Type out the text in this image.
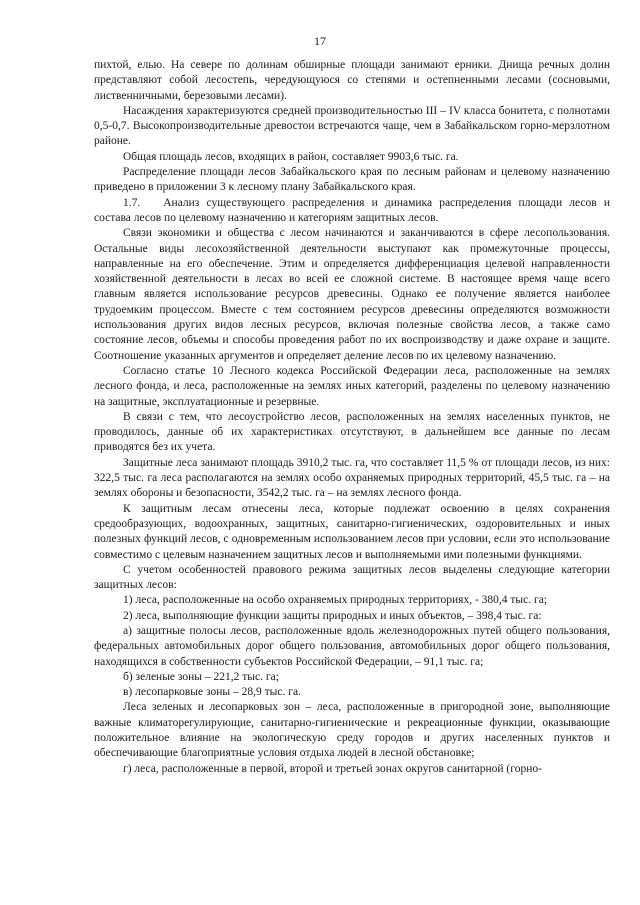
17

пихтой, елью. На севере по долинам обширные площади занимают ерники. Днища речных долин представляют собой лесостепь, чередующуюся со степями и остепненными лесами (сосновыми, лиственничными, березовыми лесами).

Насаждения характеризуются средней производительностью III – IV класса бонитета, с полнотами 0,5-0,7. Высокопроизводительные древостои встречаются чаще, чем в Забайкальском горно-мерзлотном районе.

Общая площадь лесов, входящих в район, составляет 9903,6 тыс. га.

Распределение площади лесов Забайкальского края по лесным районам и целевому назначению приведено в приложении 3 к лесному плану Забайкальского края.

1.7.  Анализ существующего распределения и динамика распределения площади лесов и состава лесов по целевому назначению и категориям защитных лесов.

Связи экономики и общества с лесом начинаются и заканчиваются в сфере лесопользования. Остальные виды лесохозяйственной деятельности выступают как промежуточные процессы, направленные на его обеспечение. Этим и определяется дифференциация целевой направленности хозяйственной деятельности в лесах во всей ее сложной системе. В настоящее время чаще всего главным является использование ресурсов древесины. Однако ее получение является наиболее трудоемким процессом. Вместе с тем состоянием ресурсов древесины определяются возможности использования других видов лесных ресурсов, включая полезные свойства лесов, а также само состояние лесов, объемы и способы проведения работ по их воспроизводству и даже охране и защите. Соотношение указанных аргументов и определяет деление лесов по их целевому назначению.

Согласно статье 10 Лесного кодекса Российской Федерации леса, расположенные на землях лесного фонда, и леса, расположенные на землях иных категорий, разделены по целевому назначению на защитные, эксплуатационные и резервные.

В связи с тем, что лесоустройство лесов, расположенных на землях населенных пунктов, не проводилось, данные об их характеристиках отсутствуют, в дальнейшем все данные по лесам приводятся без их учета.

Защитные леса занимают площадь 3910,2 тыс. га, что составляет 11,5 % от площади лесов, из них: 322,5 тыс. га леса располагаются на землях особо охраняемых природных территорий, 45,5 тыс. га – на землях обороны и безопасности, 3542,2 тыс. га – на землях лесного фонда.

К защитным лесам отнесены леса, которые подлежат освоению в целях сохранения средообразующих, водоохранных, защитных, санитарно-гигиенических, оздоровительных и иных полезных функций лесов, с одновременным использованием лесов при условии, если это использование совместимо с целевым назначением защитных лесов и выполняемыми ими полезными функциями.

С учетом особенностей правового режима защитных лесов выделены следующие категории защитных лесов:

1) леса, расположенные на особо охраняемых природных территориях, - 380,4 тыс. га;

2) леса, выполняющие функции защиты природных и иных объектов, – 398,4 тыс. га:

а) защитные полосы лесов, расположенные вдоль железнодорожных путей общего пользования, федеральных автомобильных дорог общего пользования, автомобильных дорог общего пользования, находящихся в собственности субъектов Российской Федерации, – 91,1 тыс. га;

б) зеленые зоны – 221,2 тыс. га;

в) лесопарковые зоны – 28,9 тыс. га.

Леса зеленых и лесопарковых зон – леса, расположенные в пригородной зоне, выполняющие важные климатoрегулирующие, санитарно-гигиенические и рекреационные функции, оказывающие положительное влияние на экологическую среду городов и других населенных пунктов и обеспечивающие благоприятные условия отдыха людей в лесной обстановке;

г) леса, расположенные в первой, второй и третьей зонах округов санитарной (горно-
